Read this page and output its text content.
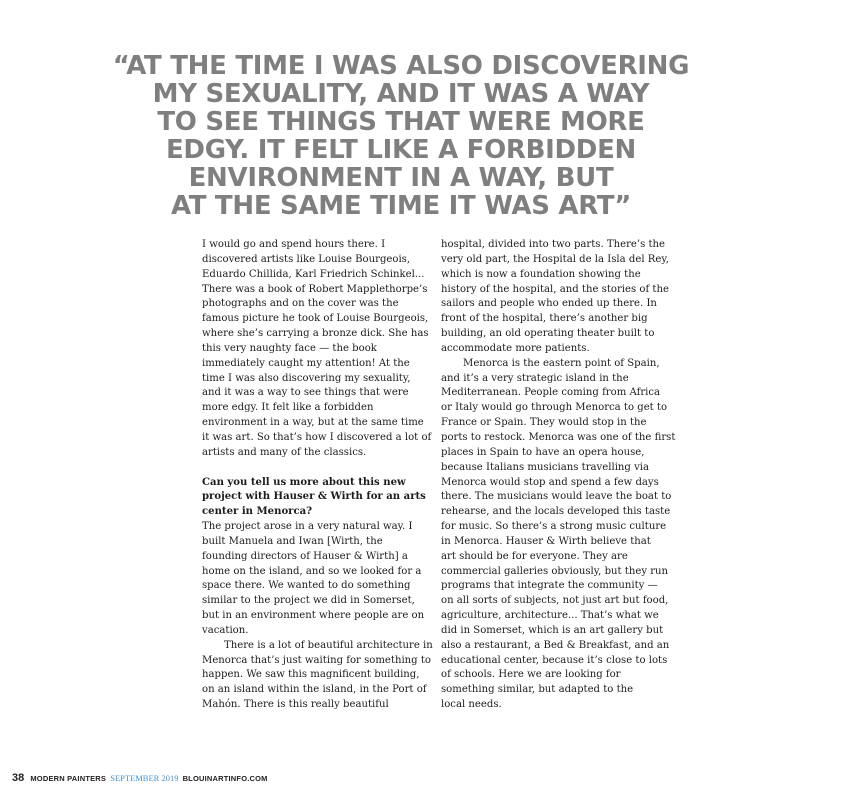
“AT THE TIME I WAS ALSO DISCOVERING
MY SEXUALITY, AND IT WAS A WAY
TO SEE THINGS THAT WERE MORE
EDGY. IT FELT LIKE A FORBIDDEN
ENVIRONMENT IN A WAY, BUT
AT THE SAME TIME IT WAS ART”
I would go and spend hours there. I
discovered artists like Louise Bourgeois,
Eduardo Chillida, Karl Friedrich Schinkel...
There was a book of Robert Mapplethorpe’s
photographs and on the cover was the
famous picture he took of Louise Bourgeois,
where she’s carrying a bronze dick. She has
this very naughty face — the book
immediately caught my attention! At the
time I was also discovering my sexuality,
and it was a way to see things that were
more edgy. It felt like a forbidden
environment in a way, but at the same time
it was art. So that’s how I discovered a lot of
artists and many of the classics.
Can you tell us more about this new
project with Hauser & Wirth for an arts
center in Menorca?
The project arose in a very natural way. I
built Manuela and Iwan [Wirth, the
founding directors of Hauser & Wirth] a
home on the island, and so we looked for a
space there. We wanted to do something
similar to the project we did in Somerset,
but in an environment where people are on
vacation.
There is a lot of beautiful architecture in
Menorca that’s just waiting for something to
happen. We saw this magnificent building,
on an island within the island, in the Port of
Mahón. There is this really beautiful
hospital, divided into two parts. There’s the
very old part, the Hospital de la Isla del Rey,
which is now a foundation showing the
history of the hospital, and the stories of the
sailors and people who ended up there. In
front of the hospital, there’s another big
building, an old operating theater built to
accommodate more patients.
Menorca is the eastern point of Spain,
and it’s a very strategic island in the
Mediterranean. People coming from Africa
or Italy would go through Menorca to get to
France or Spain. They would stop in the
ports to restock. Menorca was one of the first
places in Spain to have an opera house,
because Italians musicians travelling via
Menorca would stop and spend a few days
there. The musicians would leave the boat to
rehearse, and the locals developed this taste
for music. So there’s a strong music culture
in Menorca. Hauser & Wirth believe that
art should be for everyone. They are
commercial galleries obviously, but they run
programs that integrate the community —
on all sorts of subjects, not just art but food,
agriculture, architecture... That’s what we
did in Somerset, which is an art gallery but
also a restaurant, a Bed & Breakfast, and an
educational center, because it’s close to lots
of schools. Here we are looking for
something similar, but adapted to the
local needs.
38 MODERN PAINTERS SEPTEMBER 2019 BLOUINARTINFO.COM
